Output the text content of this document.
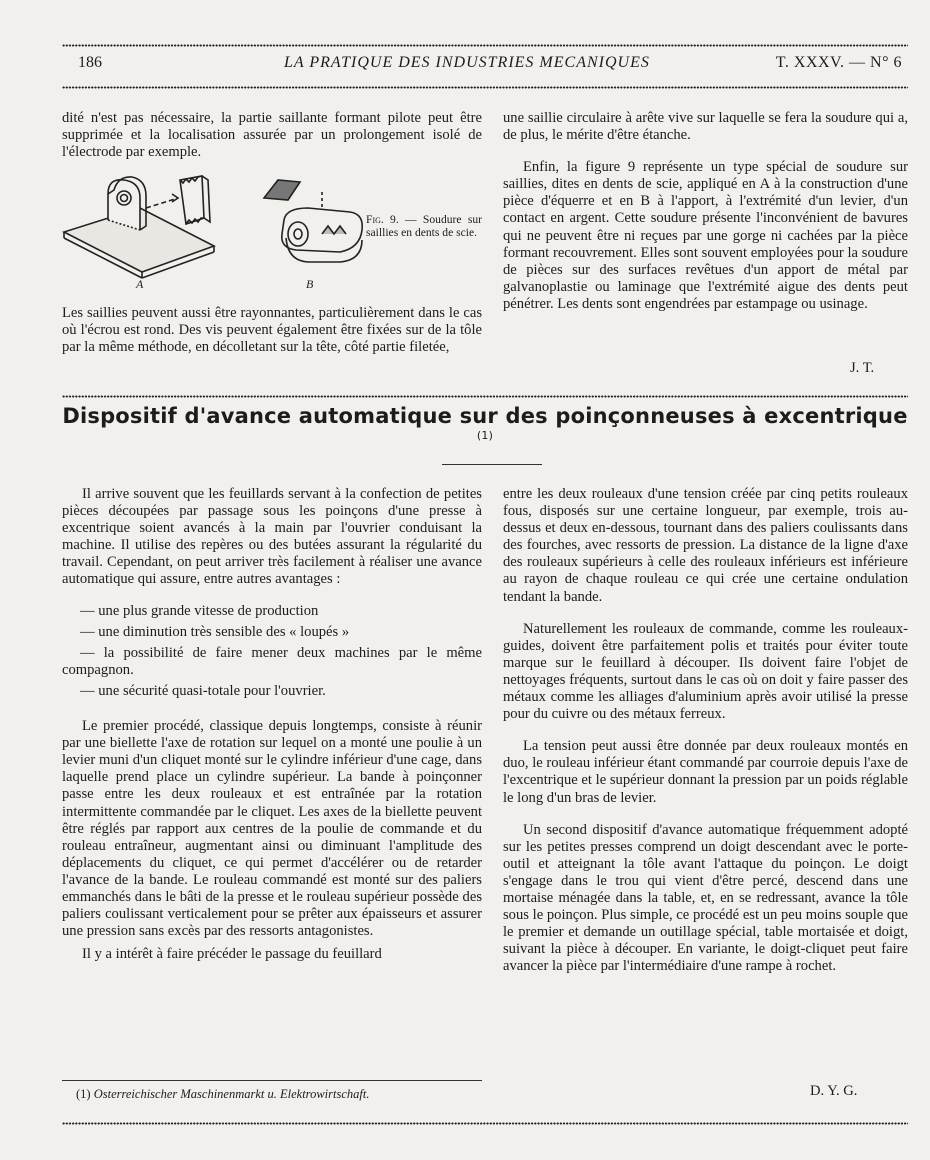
186	LA PRATIQUE DES INDUSTRIES MECANIQUES	T. XXXV. — N° 6

dité n'est pas nécessaire, la partie saillante formant pilote peut être supprimée et la localisation assurée par un prolongement isolé de l'électrode par exemple.

A	B
Fig. 9. — Soudure sur saillies en dents de scie.

Les saillies peuvent aussi être rayonnantes, particulièrement dans le cas où l'écrou est rond. Des vis peuvent également être fixées sur de la tôle par la même méthode, en décolletant sur la tête, côté partie filetée,

une saillie circulaire à arête vive sur laquelle se fera la soudure qui a, de plus, le mérite d'être étanche.

Enfin, la figure 9 représente un type spécial de soudure sur saillies, dites en dents de scie, appliqué en A à la construction d'une pièce d'équerre et en B à l'apport, à l'extrémité d'un levier, d'un contact en argent. Cette soudure présente l'inconvénient de bavures qui ne peuvent être ni reçues par une gorge ni cachées par la pièce formant recouvrement. Elles sont souvent employées pour la soudure de pièces sur des surfaces revêtues d'un apport de métal par galvanoplastie ou laminage que l'extrémité aigue des dents peut pénétrer. Les dents sont engendrées par estampage ou usinage.

J. T.
Dispositif d'avance automatique sur des poinçonneuses à excentrique $^{(1)}$

Il arrive souvent que les feuillards servant à la confection de petites pièces découpées par passage sous les poinçons d'une presse à excentrique soient avancés à la main par l'ouvrier conduisant la machine. Il utilise des repères ou des butées assurant la régularité du travail. Cependant, on peut arriver très facilement à réaliser une avance automatique qui assure, entre autres avantages :

— une plus grande vitesse de production

— une diminution très sensible des « loupés »

— la possibilité de faire mener deux machines par le même compagnon.

— une sécurité quasi-totale pour l'ouvrier.

Le premier procédé, classique depuis longtemps, consiste à réunir par une biellette l'axe de rotation sur lequel on a monté une poulie à un levier muni d'un cliquet monté sur le cylindre inférieur d'une cage, dans laquelle prend place un cylindre supérieur. La bande à poinçonner passe entre les deux rouleaux et est entraînée par la rotation intermittente commandée par le cliquet. Les axes de la biellette peuvent être réglés par rapport aux centres de la poulie de commande et du rouleau entraîneur, augmentant ainsi ou diminuant l'amplitude des déplacements du cliquet, ce qui permet d'accélérer ou de retarder l'avance de la bande. Le rouleau commandé est monté sur des paliers emmanchés dans le bâti de la presse et le rouleau supérieur possède des paliers coulissant verticalement pour se prêter aux épaisseurs et assurer une pression sans excès par des ressorts antagonistes.

Il y a intérêt à faire précéder le passage du feuillard

entre les deux rouleaux d'une tension créée par cinq petits rouleaux fous, disposés sur une certaine longueur, par exemple, trois au-dessus et deux en-dessous, tournant dans des paliers coulissants dans des fourches, avec ressorts de pression. La distance de la ligne d'axe des rouleaux supérieurs à celle des rouleaux inférieurs est inférieure au rayon de chaque rouleau ce qui crée une certaine ondulation tendant la bande.

Naturellement les rouleaux de commande, comme les rouleaux-guides, doivent être parfaitement polis et traités pour éviter toute marque sur le feuillard à découper. Ils doivent faire l'objet de nettoyages fréquents, surtout dans le cas où on doit y faire passer des métaux comme les alliages d'aluminium après avoir utilisé la presse pour du cuivre ou des métaux ferreux.

La tension peut aussi être donnée par deux rouleaux montés en duo, le rouleau inférieur étant commandé par courroie depuis l'axe de l'excentrique et le supérieur donnant la pression par un poids réglable le long d'un bras de levier.

Un second dispositif d'avance automatique fréquemment adopté sur les petites presses comprend un doigt descendant avec le porte-outil et atteignant la tôle avant l'attaque du poinçon. Le doigt s'engage dans le trou qui vient d'être percé, descend dans une mortaise ménagée dans la table, et, en se redressant, avance la tôle sous le poinçon. Plus simple, ce procédé est un peu moins souple que le premier et demande un outillage spécial, table mortaisée et doigt, suivant la pièce à découper. En variante, le doigt-cliquet peut faire avancer la pièce par l'intermédiaire d'une rampe à rochet.

D. Y. G.
(1) Osterreichischer Maschinenmarkt u. Elektrowirtschaft.
